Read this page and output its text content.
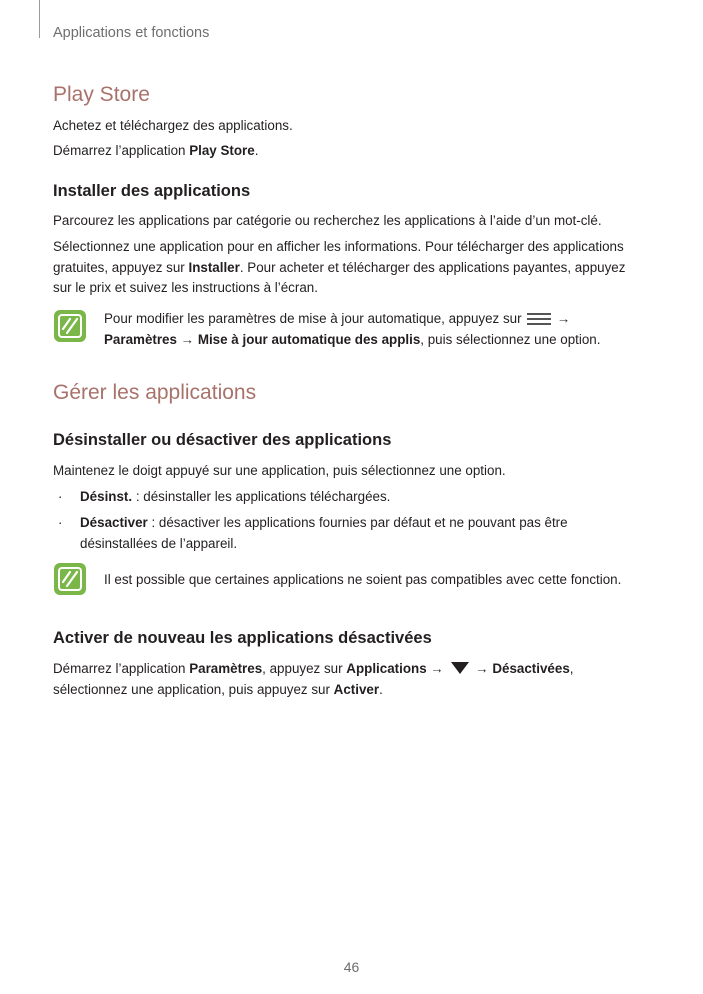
Applications et fonctions
Play Store
Achetez et téléchargez des applications.
Démarrez l’application Play Store.
Installer des applications
Parcourez les applications par catégorie ou recherchez les applications à l’aide d’un mot-clé.
Sélectionnez une application pour en afficher les informations. Pour télécharger des applications gratuites, appuyez sur Installer. Pour acheter et télécharger des applications payantes, appuyez sur le prix et suivez les instructions à l’écran.
Pour modifier les paramètres de mise à jour automatique, appuyez sur
→ Paramètres → Mise à jour automatique des applis, puis sélectionnez une option.
Gérer les applications
Désinstaller ou désactiver des applications
Maintenez le doigt appuyé sur une application, puis sélectionnez une option.
· Désinst. : désinstaller les applications téléchargées.
· Désactiver : désactiver les applications fournies par défaut et ne pouvant pas être désinstallées de l’appareil.
Il est possible que certaines applications ne soient pas compatibles avec cette fonction.
Activer de nouveau les applications désactivées
Démarrez l’application Paramètres, appuyez sur Applications →  → Désactivées, sélectionnez une application, puis appuyez sur Activer.
46
